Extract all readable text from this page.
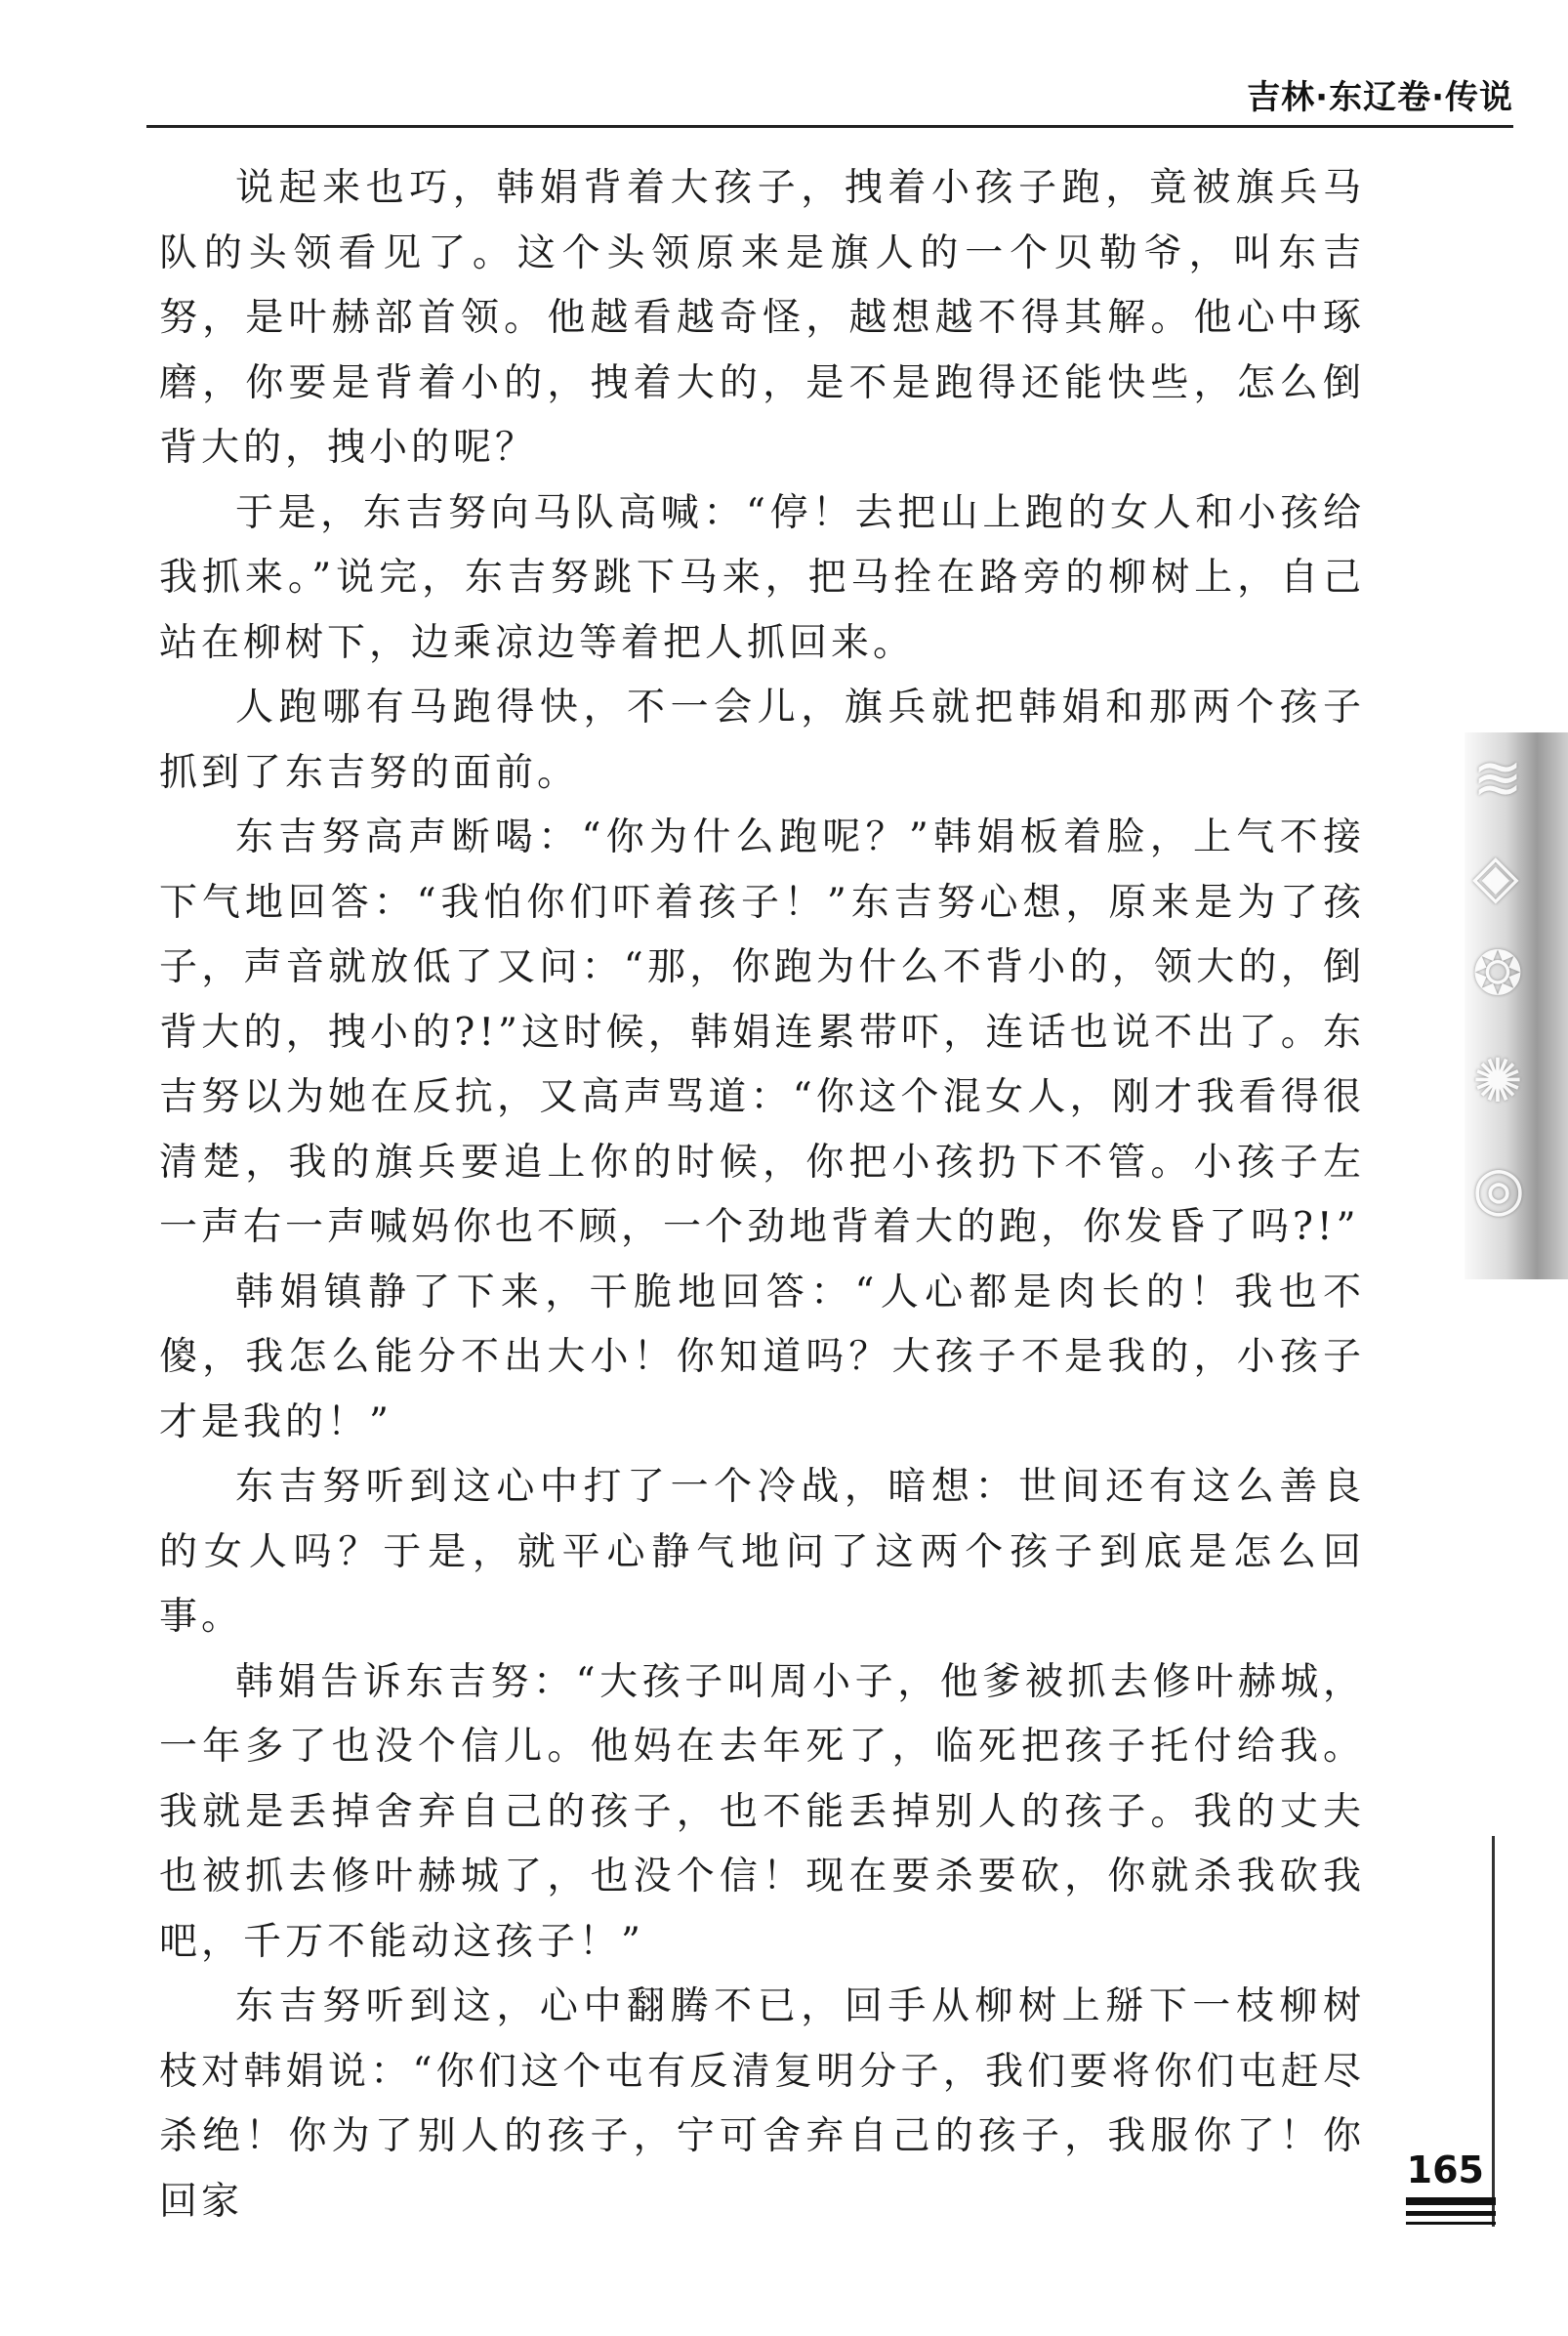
吉林·东辽卷·传说

说起来也巧，韩娟背着大孩子，拽着小孩子跑，竟被旗兵马队的头领看见了。这个头领原来是旗人的一个贝勒爷，叫东吉努，是叶赫部首领。他越看越奇怪，越想越不得其解。他心中琢磨，你要是背着小的，拽着大的，是不是跑得还能快些，怎么倒背大的，拽小的呢？

于是，东吉努向马队高喊：“停！去把山上跑的女人和小孩给我抓来。”说完，东吉努跳下马来，把马拴在路旁的柳树上，自己站在柳树下，边乘凉边等着把人抓回来。

人跑哪有马跑得快，不一会儿，旗兵就把韩娟和那两个孩子抓到了东吉努的面前。

东吉努高声断喝：“你为什么跑呢？”韩娟板着脸，上气不接下气地回答：“我怕你们吓着孩子！”东吉努心想，原来是为了孩子，声音就放低了又问：“那，你跑为什么不背小的，领大的，倒背大的，拽小的?!”这时候，韩娟连累带吓，连话也说不出了。东吉努以为她在反抗，又高声骂道：“你这个混女人，刚才我看得很清楚，我的旗兵要追上你的时候，你把小孩扔下不管。小孩子左一声右一声喊妈你也不顾，一个劲地背着大的跑，你发昏了吗?!”

韩娟镇静了下来，干脆地回答：“人心都是肉长的！我也不傻，我怎么能分不出大小！你知道吗？大孩子不是我的，小孩子才是我的！”

东吉努听到这心中打了一个冷战，暗想：世间还有这么善良的女人吗？于是，就平心静气地问了这两个孩子到底是怎么回事。

韩娟告诉东吉努：“大孩子叫周小子，他爹被抓去修叶赫城，一年多了也没个信儿。他妈在去年死了，临死把孩子托付给我。我就是丢掉舍弃自己的孩子，也不能丢掉别人的孩子。我的丈夫也被抓去修叶赫城了，也没个信！现在要杀要砍，你就杀我砍我吧，千万不能动这孩子！”

东吉努听到这，心中翻腾不已，回手从柳树上掰下一枝柳树枝对韩娟说：“你们这个屯有反清复明分子，我们要将你们屯赶尽杀绝！你为了别人的孩子，宁可舍弃自己的孩子，我服你了！你回家

≋
◈
❂
✺
◎
165
